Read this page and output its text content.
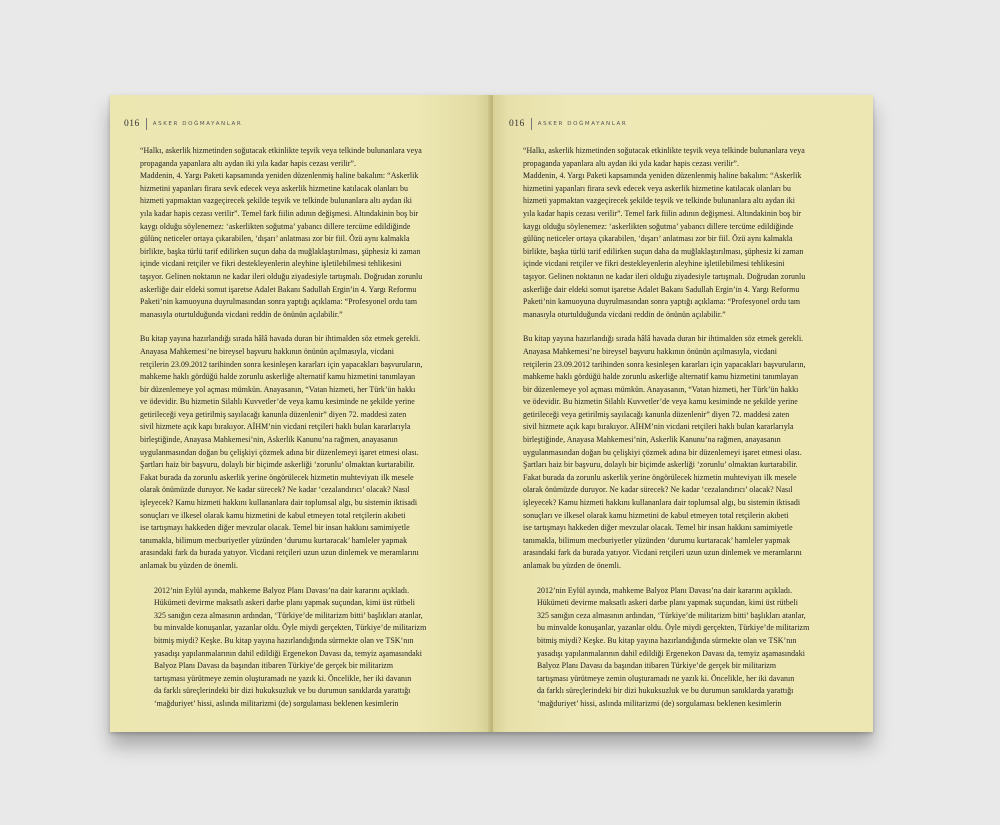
016 ASKER DOĞMAYANLAR

“Halkı, askerlik hizmetinden soğutacak etkinlikte teşvik veya telkinde bulunanlara veya
propaganda yapanlara altı aydan iki yıla kadar hapis cezası verilir”.
Maddenin, 4. Yargı Paketi kapsamında yeniden düzenlenmiş haline bakalım: “Askerlik
hizmetini yapanları firara sevk edecek veya askerlik hizmetine katılacak olanları bu
hizmeti yapmaktan vazgeçirecek şekilde teşvik ve telkinde bulunanlara altı aydan iki
yıla kadar hapis cezası verilir”. Temel fark fiilin adının değişmesi. Altındakinin boş bir
kaygı olduğu söylenemez: ‘askerlikten soğutma’ yabancı dillere tercüme edildiğinde
gülünç neticeler ortaya çıkarabilen, ‘dışarı’ anlatması zor bir fiil. Özü aynı kalmakla
birlikte, başka türlü tarif edilirken suçun daha da muğlaklaştırılması, şüphesiz ki zaman
içinde vicdani retçiler ve fikri destekleyenlerin aleyhine işletilebilmesi tehlikesini
taşıyor. Gelinen noktanın ne kadar ileri olduğu ziyadesiyle tartışmalı. Doğrudan zorunlu
askerliğe dair eldeki somut işaretse Adalet Bakanı Sadullah Ergin’in 4. Yargı Reformu
Paketi’nin kamuoyuna duyrulmasından sonra yaptığı açıklama: “Profesyonel ordu tam
manasıyla oturtulduğunda vicdani reddin de önünün açılabilir.”

Bu kitap yayına hazırlandığı sırada hâlâ havada duran bir ihtimalden söz etmek gerekli.
Anayasa Mahkemesi’ne bireysel başvuru hakkının önünün açılmasıyla, vicdani
retçilerin 23.09.2012 tarihinden sonra kesinleşen kararları için yapacakları başvuruların,
mahkeme haklı gördüğü halde zorunlu askerliğe alternatif kamu hizmetini tanımlayan
bir düzenlemeye yol açması mümkün. Anayasanın, “Vatan hizmeti, her Türk’ün hakkı
ve ödevidir. Bu hizmetin Silahlı Kuvvetler’de veya kamu kesiminde ne şekilde yerine
getirileceği veya getirilmiş sayılacağı kanunla düzenlenir” diyen 72. maddesi zaten
sivil hizmete açık kapı bırakıyor. AİHM’nin vicdani retçileri haklı bulan kararlarıyla
birleştiğinde, Anayasa Mahkemesi’nin, Askerlik Kanunu’na rağmen, anayasanın
uygulanmasından doğan bu çelişkiyi çözmek adına bir düzenlemeyi işaret etmesi olası.
Şartları haiz bir başvuru, dolaylı bir biçimde askerliği ‘zorunlu’ olmaktan kurtarabilir.
Fakat burada da zorunlu askerlik yerine öngörülecek hizmetin muhteviyatı ilk mesele
olarak önümüzde duruyor. Ne kadar sürecek? Ne kadar ‘cezalandırıcı’ olacak? Nasıl
işleyecek? Kamu hizmeti hakkını kullananlara dair toplumsal algı, bu sistemin iktisadi
sonuçları ve ilkesel olarak kamu hizmetini de kabul etmeyen total retçilerin akıbeti
ise tartışmayı hakkeden diğer mevzular olacak. Temel bir insan hakkını samimiyetle
tanımakla, bilimum mecburiyetler yüzünden ‘durumu kurtaracak’ hamleler yapmak
arasındaki fark da burada yatıyor. Vicdani retçileri uzun uzun dinlemek ve meramlarını
anlamak bu yüzden de önemli.

2012’nin Eylül ayında, mahkeme Balyoz Planı Davası’na dair kararını açıkladı.
Hükümeti devirme maksatlı askeri darbe planı yapmak suçundan, kimi üst rütbeli
325 sanığın ceza almasının ardından, ‘Türkiye’de militarizm bitti’ başlıkları atanlar,
bu minvalde konuşanlar, yazanlar oldu. Öyle miydi gerçekten, Türkiye’de militarizm
bitmiş miydi? Keşke. Bu kitap yayına hazırlandığında sürmekte olan ve TSK’nın
yasadışı yapılanmalarının dahil edildiği Ergenekon Davası da, temyiz aşamasındaki
Balyoz Planı Davası da başından itibaren Türkiye’de gerçek bir militarizm
tartışması yürütmeye zemin oluşturamadı ne yazık ki. Öncelikle, her iki davanın
da farklı süreçlerindeki bir dizi hukuksuzluk ve bu durumun sanıklarda yarattığı
‘mağduriyet’ hissi, aslında militarizmi (de) sorgulaması beklenen kesimlerin

016 ASKER DOĞMAYANLAR

“Halkı, askerlik hizmetinden soğutacak etkinlikte teşvik veya telkinde bulunanlara veya
propaganda yapanlara altı aydan iki yıla kadar hapis cezası verilir”.
Maddenin, 4. Yargı Paketi kapsamında yeniden düzenlenmiş haline bakalım: “Askerlik
hizmetini yapanları firara sevk edecek veya askerlik hizmetine katılacak olanları bu
hizmeti yapmaktan vazgeçirecek şekilde teşvik ve telkinde bulunanlara altı aydan iki
yıla kadar hapis cezası verilir”. Temel fark fiilin adının değişmesi. Altındakinin boş bir
kaygı olduğu söylenemez: ‘askerlikten soğutma’ yabancı dillere tercüme edildiğinde
gülünç neticeler ortaya çıkarabilen, ‘dışarı’ anlatması zor bir fiil. Özü aynı kalmakla
birlikte, başka türlü tarif edilirken suçun daha da muğlaklaştırılması, şüphesiz ki zaman
içinde vicdani retçiler ve fikri destekleyenlerin aleyhine işletilebilmesi tehlikesini
taşıyor. Gelinen noktanın ne kadar ileri olduğu ziyadesiyle tartışmalı. Doğrudan zorunlu
askerliğe dair eldeki somut işaretse Adalet Bakanı Sadullah Ergin’in 4. Yargı Reformu
Paketi’nin kamuoyuna duyrulmasından sonra yaptığı açıklama: “Profesyonel ordu tam
manasıyla oturtulduğunda vicdani reddin de önünün açılabilir.”

Bu kitap yayına hazırlandığı sırada hâlâ havada duran bir ihtimalden söz etmek gerekli.
Anayasa Mahkemesi’ne bireysel başvuru hakkının önünün açılmasıyla, vicdani
retçilerin 23.09.2012 tarihinden sonra kesinleşen kararları için yapacakları başvuruların,
mahkeme haklı gördüğü halde zorunlu askerliğe alternatif kamu hizmetini tanımlayan
bir düzenlemeye yol açması mümkün. Anayasanın, “Vatan hizmeti, her Türk’ün hakkı
ve ödevidir. Bu hizmetin Silahlı Kuvvetler’de veya kamu kesiminde ne şekilde yerine
getirileceği veya getirilmiş sayılacağı kanunla düzenlenir” diyen 72. maddesi zaten
sivil hizmete açık kapı bırakıyor. AİHM’nin vicdani retçileri haklı bulan kararlarıyla
birleştiğinde, Anayasa Mahkemesi’nin, Askerlik Kanunu’na rağmen, anayasanın
uygulanmasından doğan bu çelişkiyi çözmek adına bir düzenlemeyi işaret etmesi olası.
Şartları haiz bir başvuru, dolaylı bir biçimde askerliği ‘zorunlu’ olmaktan kurtarabilir.
Fakat burada da zorunlu askerlik yerine öngörülecek hizmetin muhteviyatı ilk mesele
olarak önümüzde duruyor. Ne kadar sürecek? Ne kadar ‘cezalandırıcı’ olacak? Nasıl
işleyecek? Kamu hizmeti hakkını kullananlara dair toplumsal algı, bu sistemin iktisadi
sonuçları ve ilkesel olarak kamu hizmetini de kabul etmeyen total retçilerin akıbeti
ise tartışmayı hakkeden diğer mevzular olacak. Temel bir insan hakkını samimiyetle
tanımakla, bilimum mecburiyetler yüzünden ‘durumu kurtaracak’ hamleler yapmak
arasındaki fark da burada yatıyor. Vicdani retçileri uzun uzun dinlemek ve meramlarını
anlamak bu yüzden de önemli.

2012’nin Eylül ayında, mahkeme Balyoz Planı Davası’na dair kararını açıkladı.
Hükümeti devirme maksatlı askeri darbe planı yapmak suçundan, kimi üst rütbeli
325 sanığın ceza almasının ardından, ‘Türkiye’de militarizm bitti’ başlıkları atanlar,
bu minvalde konuşanlar, yazanlar oldu. Öyle miydi gerçekten, Türkiye’de militarizm
bitmiş miydi? Keşke. Bu kitap yayına hazırlandığında sürmekte olan ve TSK’nın
yasadışı yapılanmalarının dahil edildiği Ergenekon Davası da, temyiz aşamasındaki
Balyoz Planı Davası da başından itibaren Türkiye’de gerçek bir militarizm
tartışması yürütmeye zemin oluşturamadı ne yazık ki. Öncelikle, her iki davanın
da farklı süreçlerindeki bir dizi hukuksuzluk ve bu durumun sanıklarda yarattığı
‘mağduriyet’ hissi, aslında militarizmi (de) sorgulaması beklenen kesimlerin
